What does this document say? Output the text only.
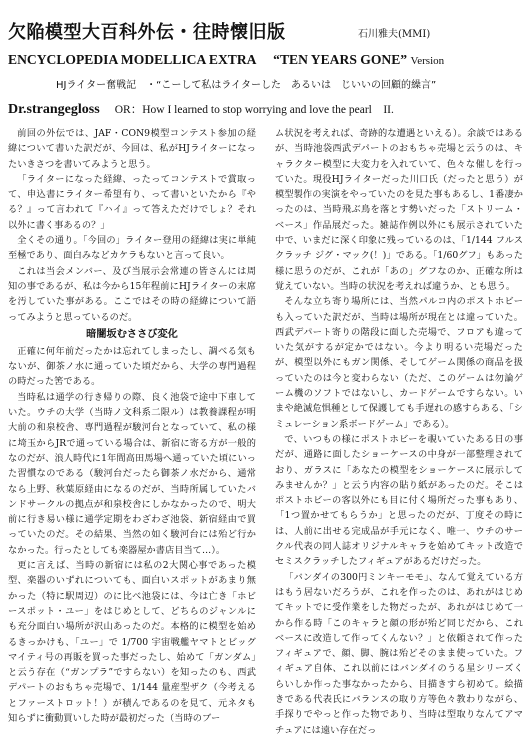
欠陥模型大百科外伝・往時懐旧版	石川雅夫(MMI)
ENCYCLOPEDIA MODELLICA EXTRA “TEN YEARS GONE” Version
HJライター奮戦記　・“こーして私はライターした　あるいは　じいいの回顧的繰言”
Dr.strangegloss OR：How I learned to stop worrying and love the pearl　II.

前回の外伝では、JAF・CON9模型コンテスト参加の経緯について書いた訳だが、今回は、私がHJライターになったいきさつを書いてみようと思う。

「ライターになった経緯、ったってコンテストで賞取って、申込書にライター希望有り、って書いといたから『やる？』って言われて『ハイ』って答えただけでしょ？それ以外に書く事あるの？」

全くその通り。「今回の」ライター登用の経緯は実に単純至極であり、面白みなどカケラもないと言って良い。

これは当会メンバー、及び当展示会常連の皆さんには周知の事であるが、私は今から15年程前にHJライターの末席を汚していた事がある。ここではその時の経緯について語ってみようと思っているのだ。

暗闇坂むささび変化

正確に何年前だったかは忘れてしまったし、調べる気もないが、御茶ノ水に通っていた頃だから、大学の専門過程の時だった筈である。

当時私は通学の行き帰りの際、良く池袋で途中下車していた。ウチの大学（当時ノ文科系二限ル）は教養課程が明大前の和泉校舎、専門過程が駿河台となっていて、私の様に埼玉からJRで通っている場合は、新宿に寄る方が一般的なのだが、浪人時代に1年間高田馬場へ通っていた頃にいった習慣なのである（駿河台だったら御茶ノ水だから、通常なら上野、秋葉原経由になるのだが、当時所属していたバンドサークルの拠点が和泉校舎にしかなかったので、明大前に行き易い様に通学定期をわざわざ池袋、新宿経由で買っていたのだ。その結果、当然の如く駿河台には殆ど行かなかった。行ったとしても楽器屋か書店目当て…）。

更に言えば、当時の新宿には私の2大関心事であった模型、楽器のいずれについても、面白いスポットがあまり無かった（特に駅周辺）のに比べ池袋には、今は亡き「ホビースポット・ユー」をはじめとして、どちらのジャンルにも充分面白い場所が沢山あったのだ。本格的に模型を始めるきっかけも、「ユー」で 1/700 宇宙戦艦ヤマトとビッグマイティ号の再販を買った事だったし、始めて「ガンダム」と云う存在（“ガンプラ”ですらない）を知ったのも、西武デパートのおもちゃ売場で、1/144 量産型ザク（今考えるとファーストロット！）が積んであるのを見て、元ネタも知らずに衝動買いした時が最初だった（当時のブー

ム状況を考えれば、奇跡的な遭遇といえる）。余談ではあるが、当時池袋西武デパートのおもちゃ売場と云うのは、キャラクター模型に大変力を入れていて、色々な催しを行っていた。現役HJライターだった川口氏（だったと思う）が模型製作の実演をやっていたのを見た事もあるし、1番凄かったのは、当時飛ぶ鳥を落とす勢いだった「ストリーム・ベース」作品展だった。雑誌作例以外にも展示されていた中で、いまだに深く印象に残っているのは、「1/144 フルスクラッチ ジグ・マック(！)」である。「1/60グフ」もあった様に思うのだが、これが「あの」グフなのか、正確な所は覚えていない。当時の状況を考えれば違うか、とも思う。

そんな立ち寄り場所には、当然パルコ内のポストホビーも入っていた訳だが、当時は場所が現在とは違っていた。西武デパート寄りの階段に面した売場で、フロアも違っていた気がするが定かではない。今より明るい売場だったが、模型以外にもガン関係、そしてゲーム関係の商品を扱っていたのは今と変わらない（ただ、このゲームは勿論ゲーム機のソフトではないし、カードゲームですらない。いまや絶滅危惧種として保護しても手遅れの感すらある、「シミュレーション系ボードゲーム」である）。

で、いつもの様にポストホビーを覗いていたある日の事だが、通路に面したショーケースの中身が一部整理されており、ガラスに「あなたの模型をショーケースに展示してみませんか？」と云う内容の貼り紙があったのだ。そこはポストホビーの客以外にも目に付く場所だった事もあり、「1つ置かせてもらうか」と思ったのだが、丁度その時には、人前に出せる完成品が手元になく、唯一、ウチのサークル代表の同人誌オリジナルキャラを始めてキット改造でセミスクラッチしたフィギュアがあるだけだった。

「バンダイの300円ミンキーモモ」、なんて覚えている方はもう居ないだろうが、これを作ったのは、あれがはじめてキットでに受作業をした物だったが、あれがはじめて一から作る時「このキャラと顔の形が殆ど同じだから、これベースに改造して作ってくんない？」と依頼されて作ったフィギュアで、顔、脚、腕は殆どそのまま使っていた。フィギュア自体、これ以前にはバンダイのうる星シリーズくらいしか作った事なかったから、目描きすら初めて。絵描きである代表氏にバランスの取り方等色々教わりながら、手探りでやっと作った物であり、当時は型取りなんてアマチュアには遠い存在だっ
